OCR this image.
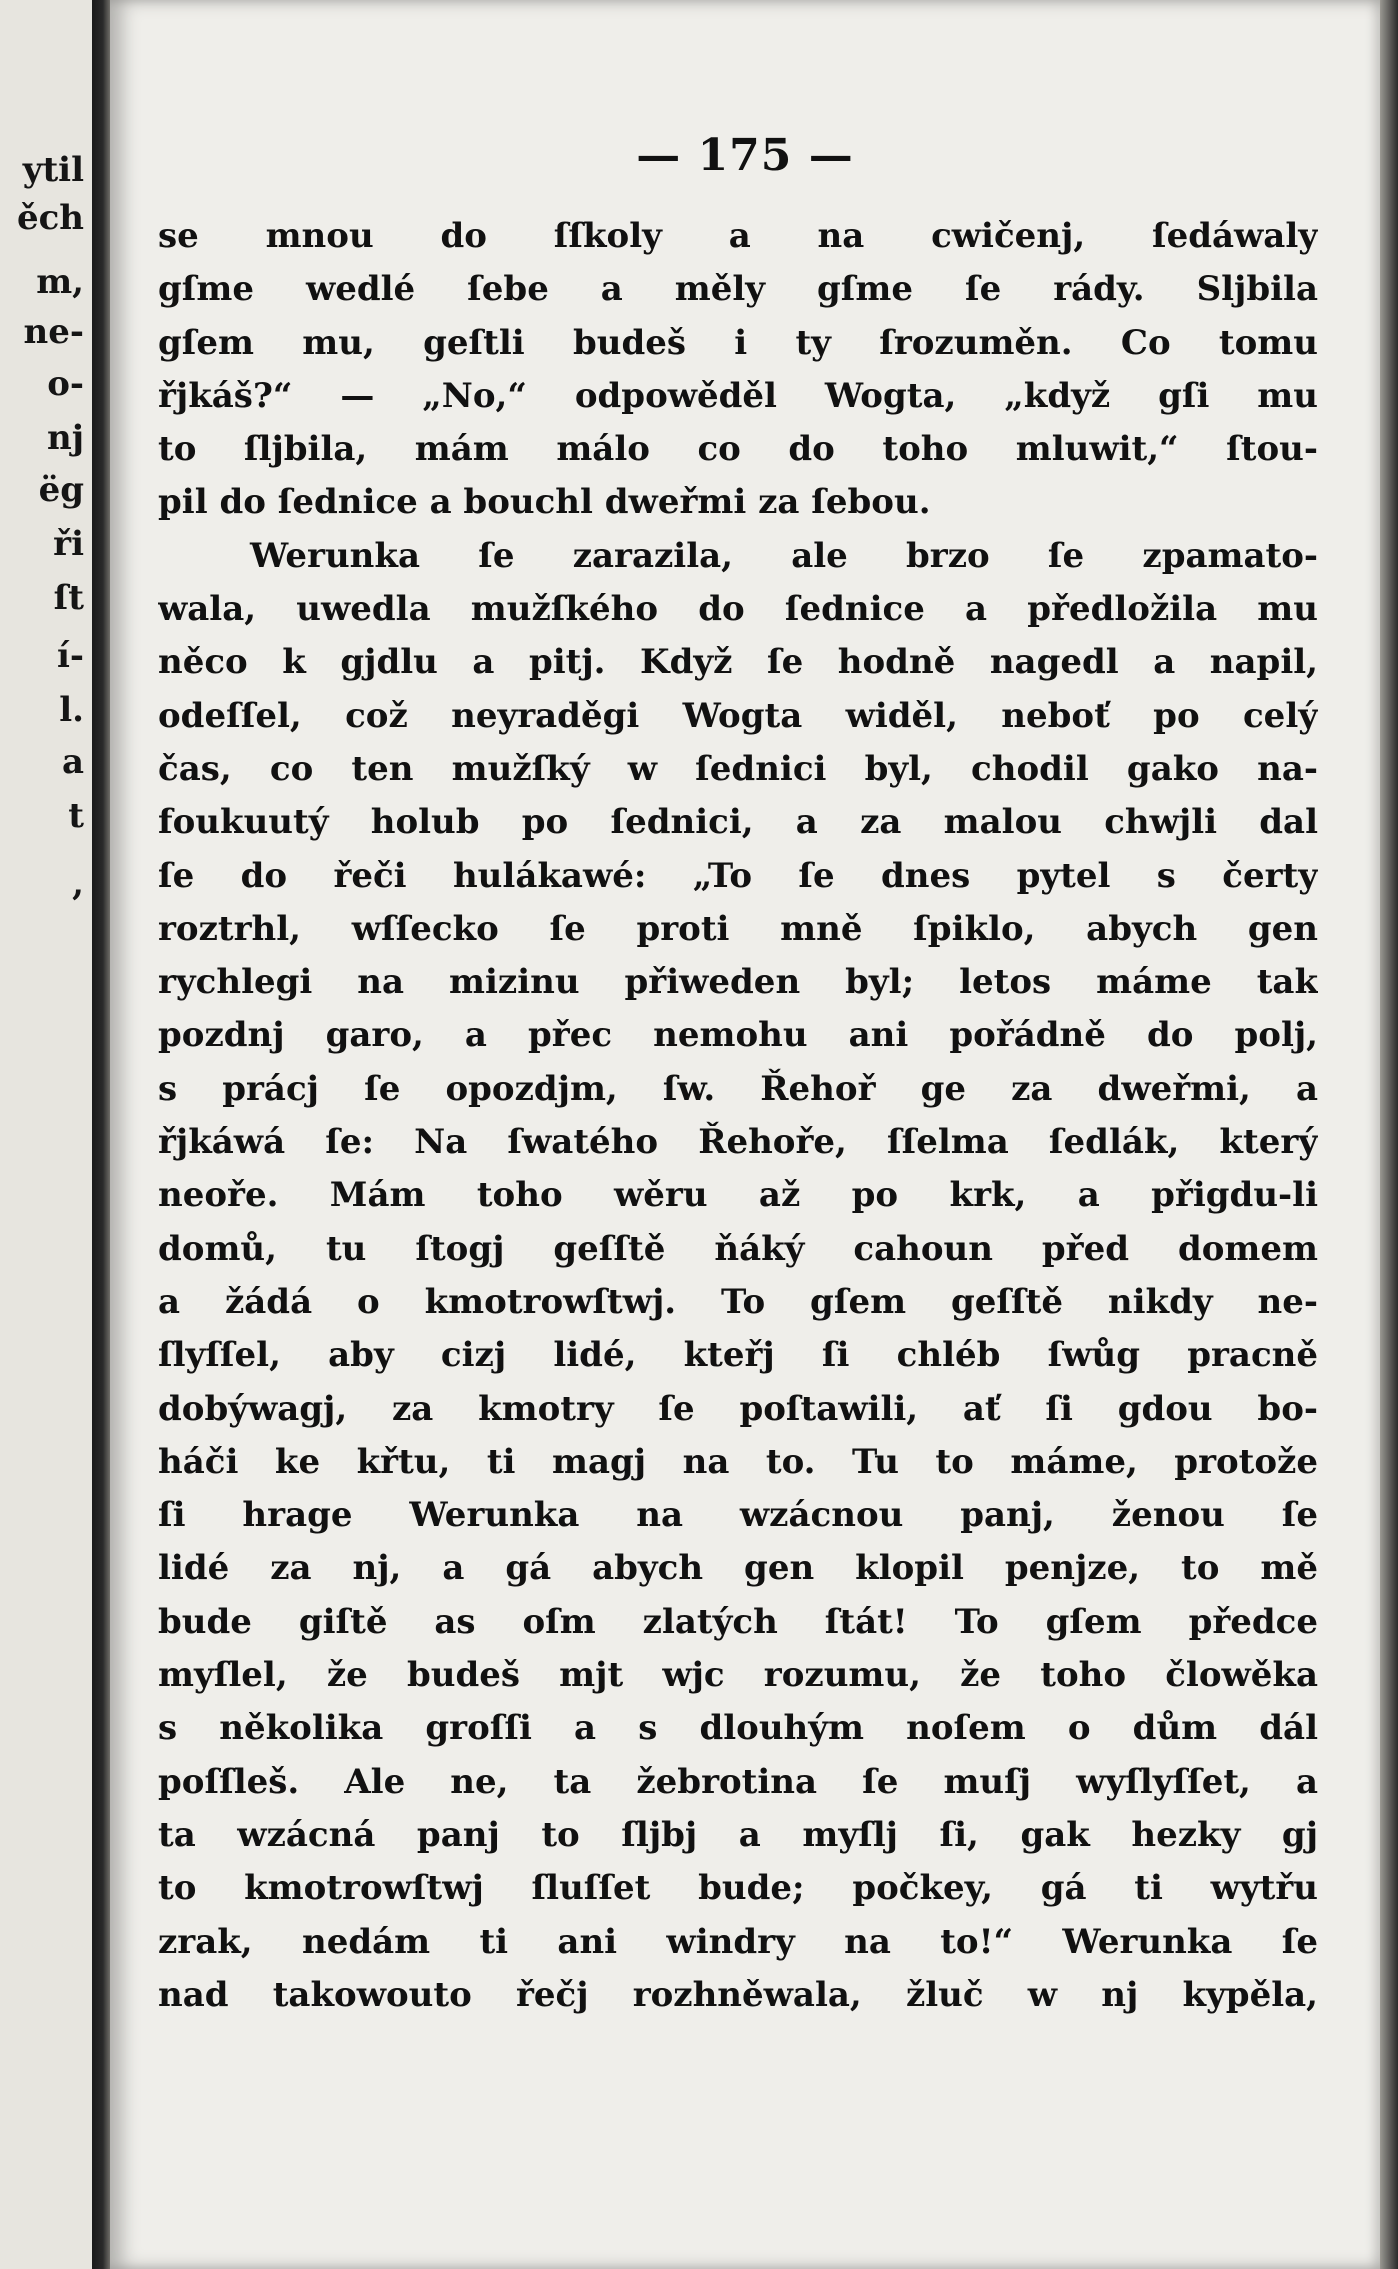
ytil
ěch
m,
ne-
o-
nj
ëg
ři
ſt
í-
l.
a
t
,
— 175 —
se mnou do ſſkoly a na cwičenj, ſedáwaly
gſme wedlé ſebe a měly gſme ſe rády. Sljbila
gſem mu, geſtli budeš i ty ſrozuměn. Co tomu
řjkáš?“ — „No,“ odpowěděl Wogta, „když gſi mu
to ſljbila, mám málo co do toho mluwit,“ ſtou-
pil do ſednice a bouchl dweřmi za ſebou.
Werunka ſe zarazila, ale brzo ſe zpamato-
wala, uwedla mužſkého do ſednice a předložila mu
něco k gjdlu a pitj. Když ſe hodně nagedl a napil,
odeſſel, což neyraděgi Wogta widěl, neboť po celý
čas, co ten mužſký w ſednici byl, chodil gako na-
foukuutý holub po ſednici, a za malou chwjli dal
ſe do řeči hulákawé: „To ſe dnes pytel s čerty
roztrhl, wſſecko ſe proti mně ſpiklo, abych gen
rychlegi na mizinu přiweden byl; letos máme tak
pozdnj garo, a přec nemohu ani pořádně do polj,
s prácj ſe opozdjm, ſw. Řehoř ge za dweřmi, a
řjkáwá ſe: Na ſwatého Řehoře, ſſelma ſedlák, který
neoře. Mám toho wěru až po krk, a přigdu-li
domů, tu ſtogj geſſtě ňáký cahoun před domem
a žádá o kmotrowſtwj. To gſem geſſtě nikdy ne-
ſlyſſel, aby cizj lidé, kteřj ſi chléb ſwůg pracně
dobýwagj, za kmotry ſe poſtawili, ať ſi gdou bo-
háči ke křtu, ti magj na to. Tu to máme, protože
ſi hrage Werunka na wzácnou panj, ženou ſe
lidé za nj, a gá abych gen klopil penjze, to mě
bude giſtě as oſm zlatých ſtát! To gſem předce
myſlel, že budeš mjt wjc rozumu, že toho člowěka
s několika groſſi a s dlouhým noſem o dům dál
poſſleš. Ale ne, ta žebrotina ſe muſj wyſlyſſet, a
ta wzácná panj to ſljbj a myſlj ſi, gak hezky gj
to kmotrowſtwj ſluſſet bude; počkey, gá ti wytřu
zrak, nedám ti ani windry na to!“ Werunka ſe
nad takowouto řečj rozhněwala, žluč w nj kypěla,
